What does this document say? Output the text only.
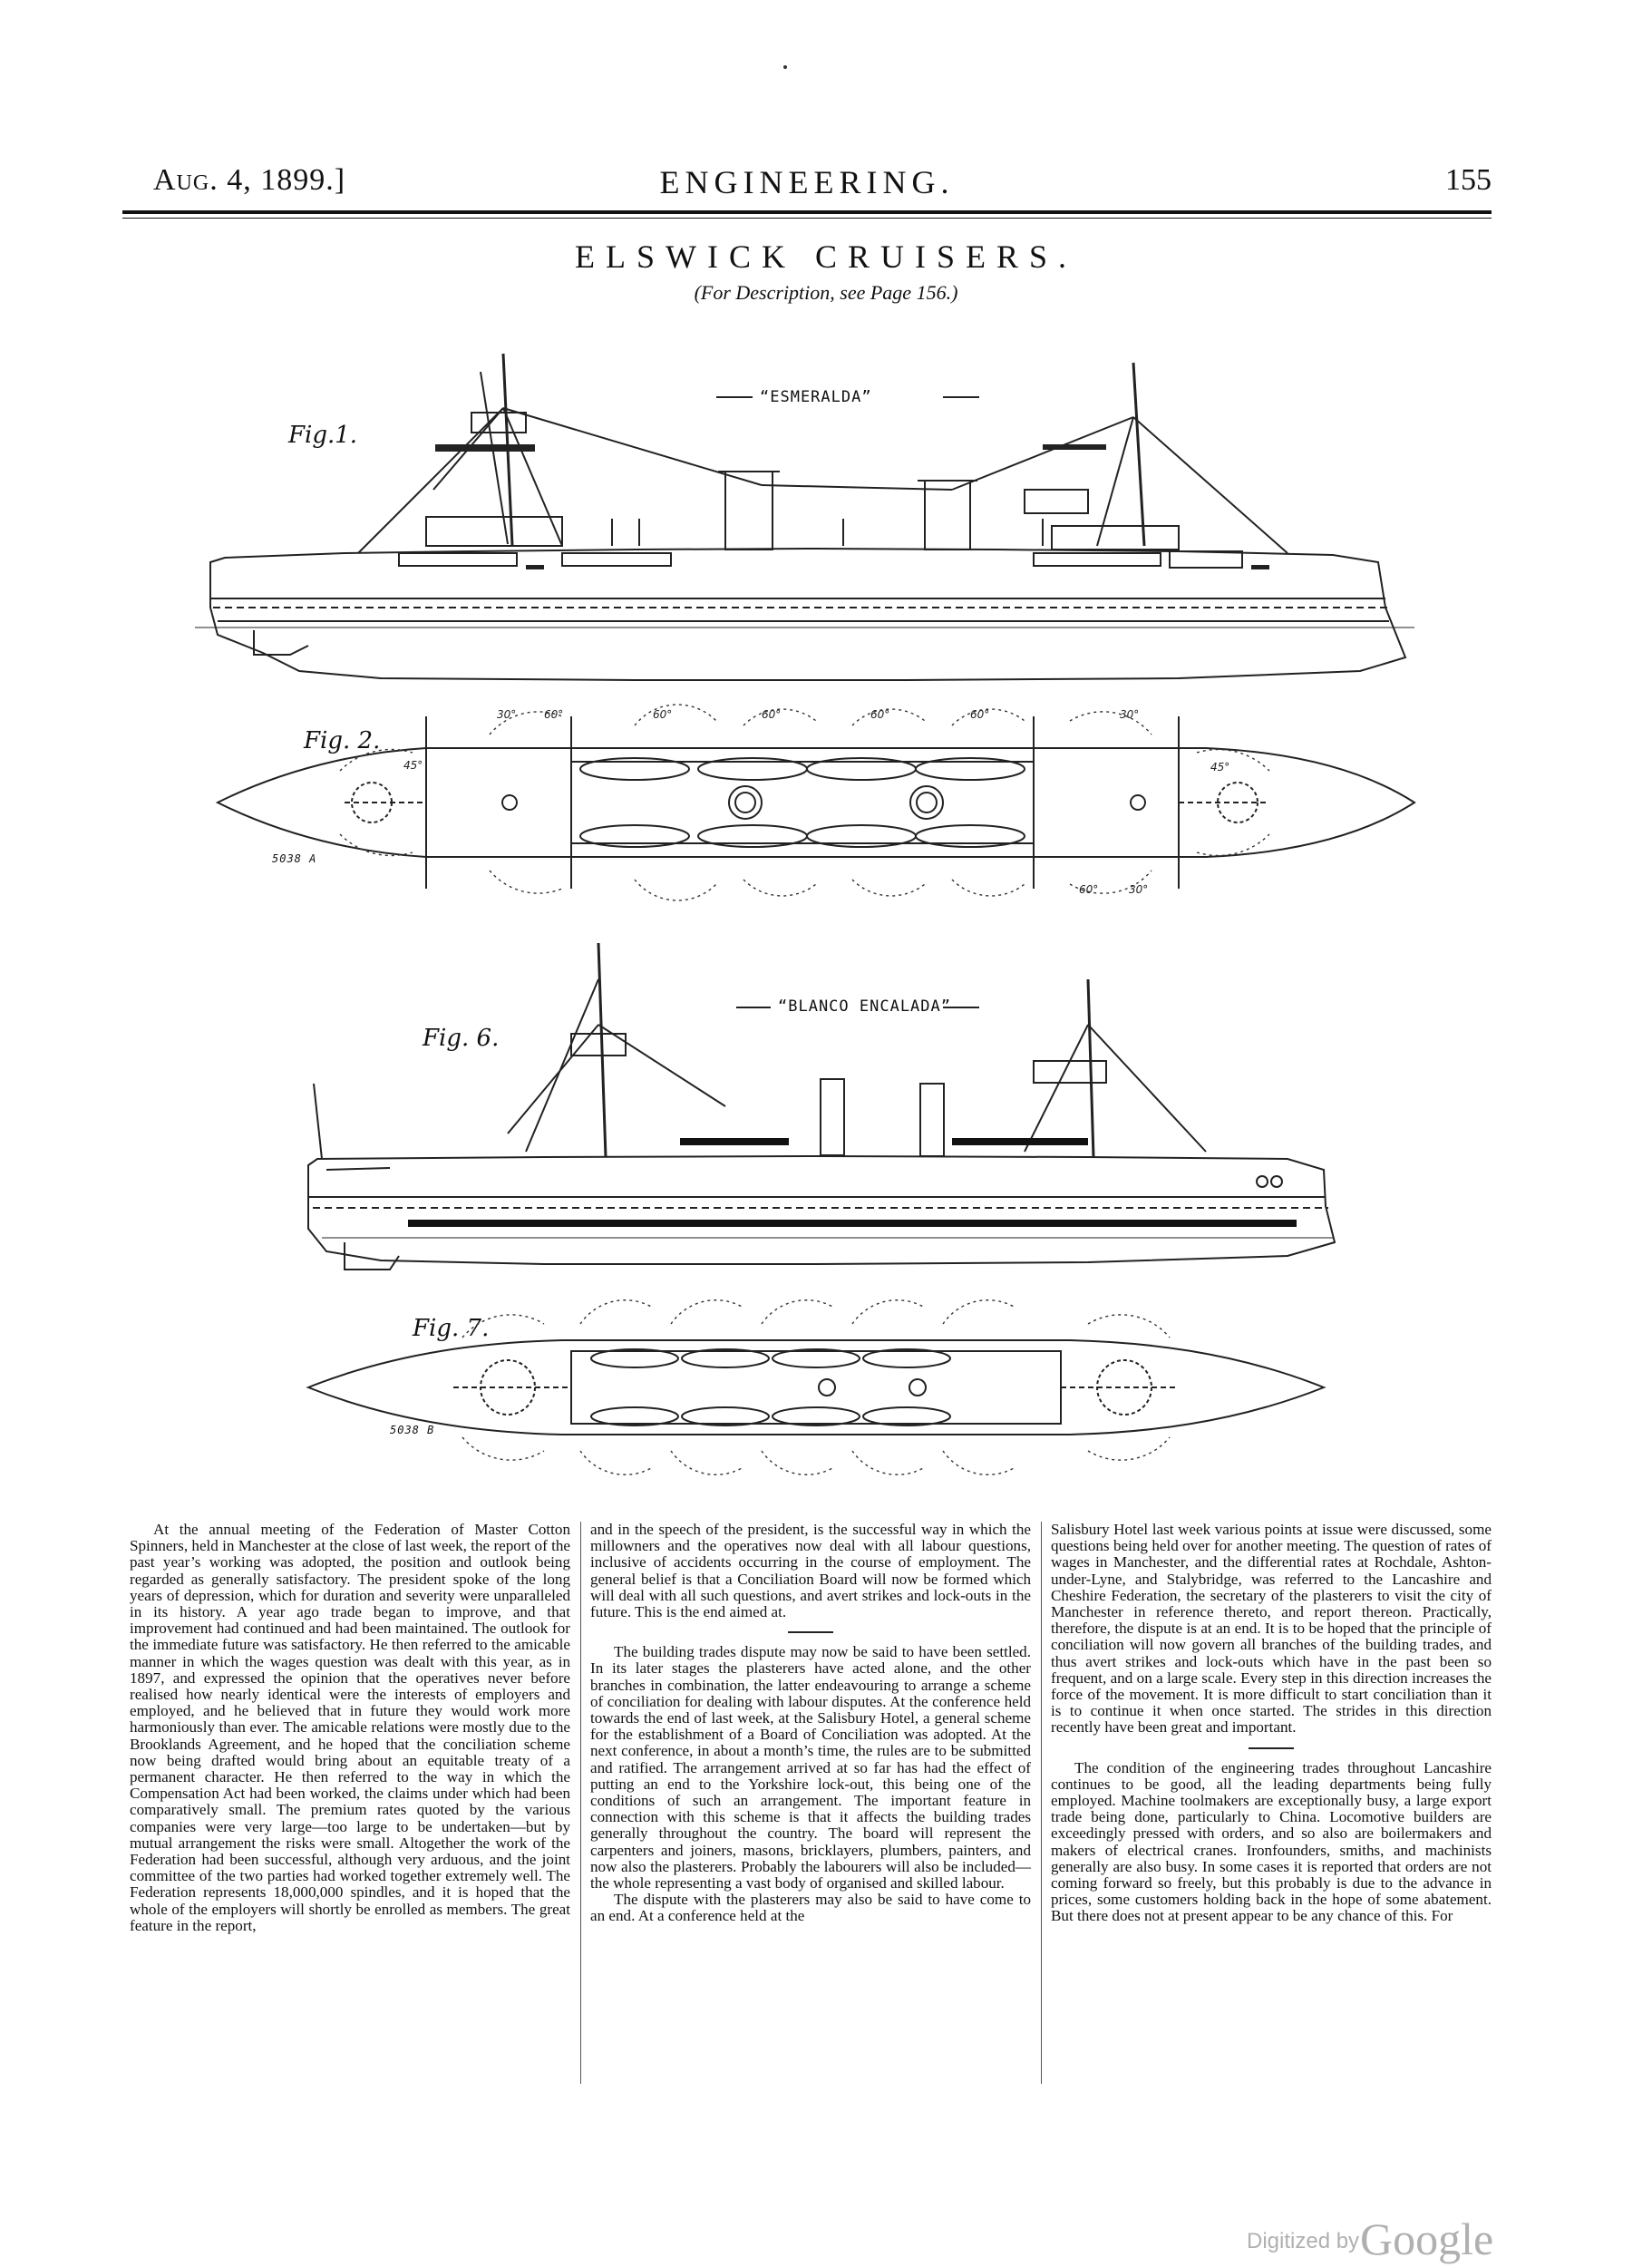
Aug. 4, 1899.]	ENGINEERING.	155
ELSWICK CRUISERS.
(For Description, see Page 156.)
Fig.1.
“ESMERALDA”
Fig. 2.
5038 A
30°	60°
45°
60°	60°	60°	60°
45°
30°
60°	30°
Fig. 6.
“BLANCO ENCALADA”
Fig. 7.
5038 B

At the annual meeting of the Federation of Master Cotton Spinners, held in Manchester at the close of last week, the report of the past year’s working was adopted, the position and outlook being regarded as generally satisfactory. The president spoke of the long years of depression, which for duration and severity were unparalleled in its history. A year ago trade began to improve, and that improvement had continued and had been maintained. The outlook for the immediate future was satisfactory. He then referred to the amicable manner in which the wages question was dealt with this year, as in 1897, and expressed the opinion that the operatives never before realised how nearly identical were the interests of employers and employed, and he believed that in future they would work more harmoniously than ever. The amicable relations were mostly due to the Brooklands Agreement, and he hoped that the conciliation scheme now being drafted would bring about an equitable treaty of a permanent character. He then referred to the way in which the Compensation Act had been worked, the claims under which had been comparatively small. The premium rates quoted by the various companies were very large—too large to be undertaken—but by mutual arrangement the risks were small. Altogether the work of the Federation had been successful, although very arduous, and the joint committee of the two parties had worked together extremely well. The Federation represents 18,000,000 spindles, and it is hoped that the whole of the employers will shortly be enrolled as members. The great feature in the report,

and in the speech of the president, is the successful way in which the millowners and the operatives now deal with all labour questions, inclusive of accidents occurring in the course of employment. The general belief is that a Conciliation Board will now be formed which will deal with all such questions, and avert strikes and lock-outs in the future. This is the end aimed at.

The building trades dispute may now be said to have been settled. In its later stages the plasterers have acted alone, and the other branches in combination, the latter endeavouring to arrange a scheme of conciliation for dealing with labour disputes. At the conference held towards the end of last week, at the Salisbury Hotel, a general scheme for the establishment of a Board of Conciliation was adopted. At the next conference, in about a month’s time, the rules are to be submitted and ratified. The arrangement arrived at so far has had the effect of putting an end to the Yorkshire lock-out, this being one of the conditions of such an arrangement. The important feature in connection with this scheme is that it affects the building trades generally throughout the country. The board will represent the carpenters and joiners, masons, bricklayers, plumbers, painters, and now also the plasterers. Probably the labourers will also be included—the whole representing a vast body of organised and skilled labour.

The dispute with the plasterers may also be said to have come to an end. At a conference held at the

Salisbury Hotel last week various points at issue were discussed, some questions being held over for another meeting. The question of rates of wages in Manchester, and the differential rates at Rochdale, Ashton-under-Lyne, and Stalybridge, was referred to the Lancashire and Cheshire Federation, the secretary of the plasterers to visit the city of Manchester in reference thereto, and report thereon. Practically, therefore, the dispute is at an end. It is to be hoped that the principle of conciliation will now govern all branches of the building trades, and thus avert strikes and lock-outs which have in the past been so frequent, and on a large scale. Every step in this direction increases the force of the movement. It is more difficult to start conciliation than it is to continue it when once started. The strides in this direction recently have been great and important.

The condition of the engineering trades throughout Lancashire continues to be good, all the leading departments being fully employed. Machine toolmakers are exceptionally busy, a large export trade being done, particularly to China. Locomotive builders are exceedingly pressed with orders, and so also are boilermakers and makers of electrical cranes. Ironfounders, smiths, and machinists generally are also busy. In some cases it is reported that orders are not coming forward so freely, but this probably is due to the advance in prices, some customers holding back in the hope of some abatement. But there does not at present appear to be any chance of this. For

Digitized by Google
